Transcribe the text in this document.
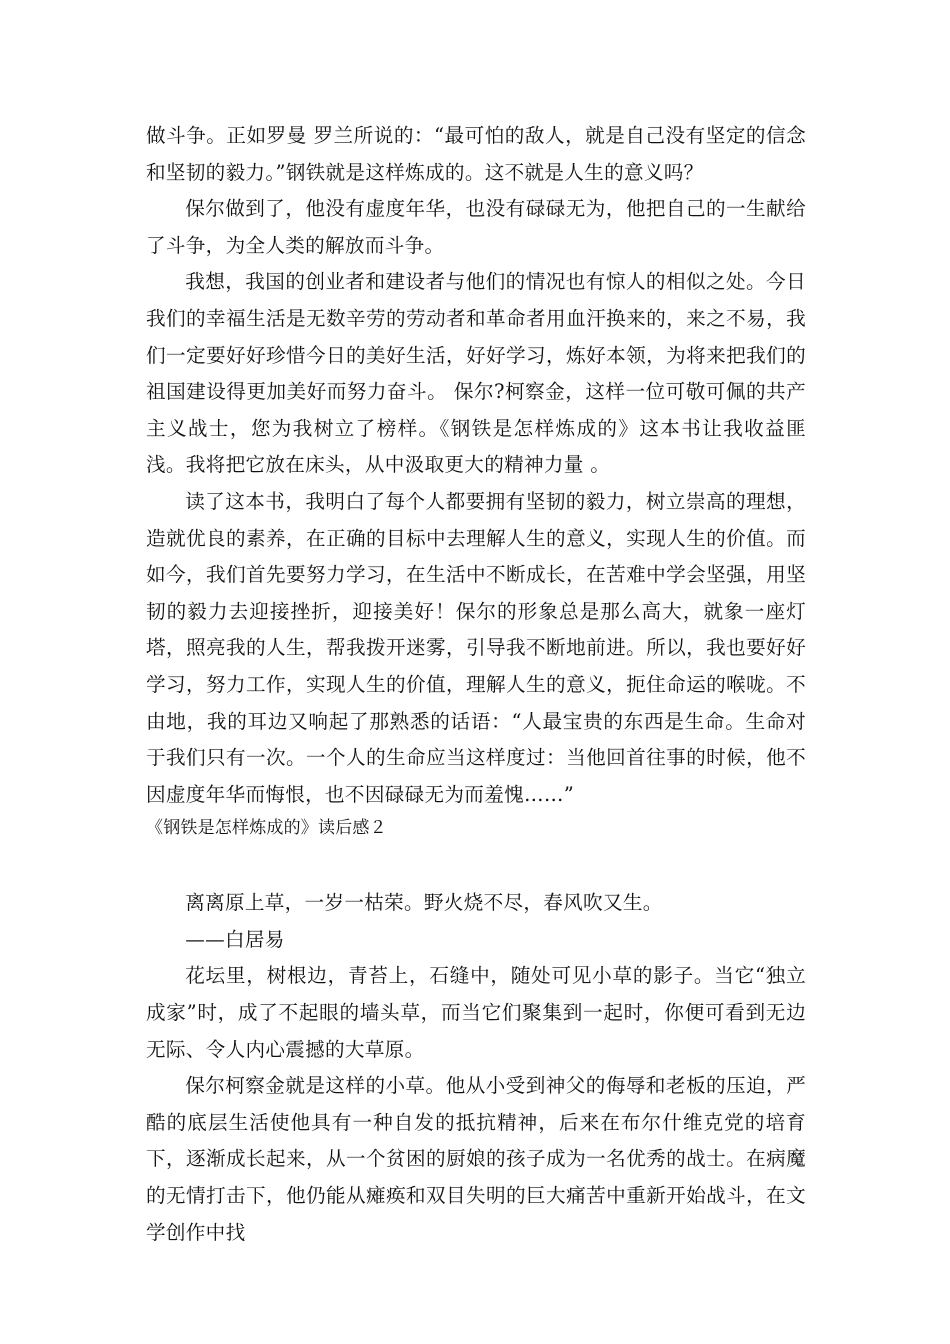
做斗争。正如罗曼 罗兰所说的：“最可怕的敌人，就是自己没有坚定的信念和坚韧的毅力。”钢铁就是这样炼成的。这不就是人生的意义吗？

保尔做到了，他没有虚度年华，也没有碌碌无为，他把自己的一生献给了斗争，为全人类的解放而斗争。

我想，我国的创业者和建设者与他们的情况也有惊人的相似之处。今日我们的幸福生活是无数辛劳的劳动者和革命者用血汗换来的，来之不易，我们一定要好好珍惜今日的美好生活，好好学习，炼好本领，为将来把我们的祖国建设得更加美好而努力奋斗。 保尔?柯察金，这样一位可敬可佩的共产主义战士，您为我树立了榜样。《钢铁是怎样炼成的》这本书让我收益匪浅。我将把它放在床头，从中汲取更大的精神力量 。

读了这本书，我明白了每个人都要拥有坚韧的毅力，树立崇高的理想，造就优良的素养，在正确的目标中去理解人生的意义，实现人生的价值。而如今，我们首先要努力学习，在生活中不断成长，在苦难中学会坚强，用坚韧的毅力去迎接挫折，迎接美好！保尔的形象总是那么高大，就象一座灯塔，照亮我的人生，帮我拨开迷雾，引导我不断地前进。所以，我也要好好学习，努力工作，实现人生的价值，理解人生的意义，扼住命运的喉咙。不由地，我的耳边又响起了那熟悉的话语：“人最宝贵的东西是生命。生命对于我们只有一次。一个人的生命应当这样度过：当他回首往事的时候，他不因虚度年华而悔恨，也不因碌碌无为而羞愧……”

《钢铁是怎样炼成的》读后感２

离离原上草，一岁一枯荣。野火烧不尽，春风吹又生。

——白居易

花坛里，树根边，青苔上，石缝中，随处可见小草的影子。当它“独立成家”时，成了不起眼的墙头草，而当它们聚集到一起时，你便可看到无边无际、令人内心震撼的大草原。

保尔柯察金就是这样的小草。他从小受到神父的侮辱和老板的压迫，严酷的底层生活使他具有一种自发的抵抗精神，后来在布尔什维克党的培育下，逐渐成长起来，从一个贫困的厨娘的孩子成为一名优秀的战士。在病魔的无情打击下，他仍能从瘫痪和双目失明的巨大痛苦中重新开始战斗，在文学创作中找
